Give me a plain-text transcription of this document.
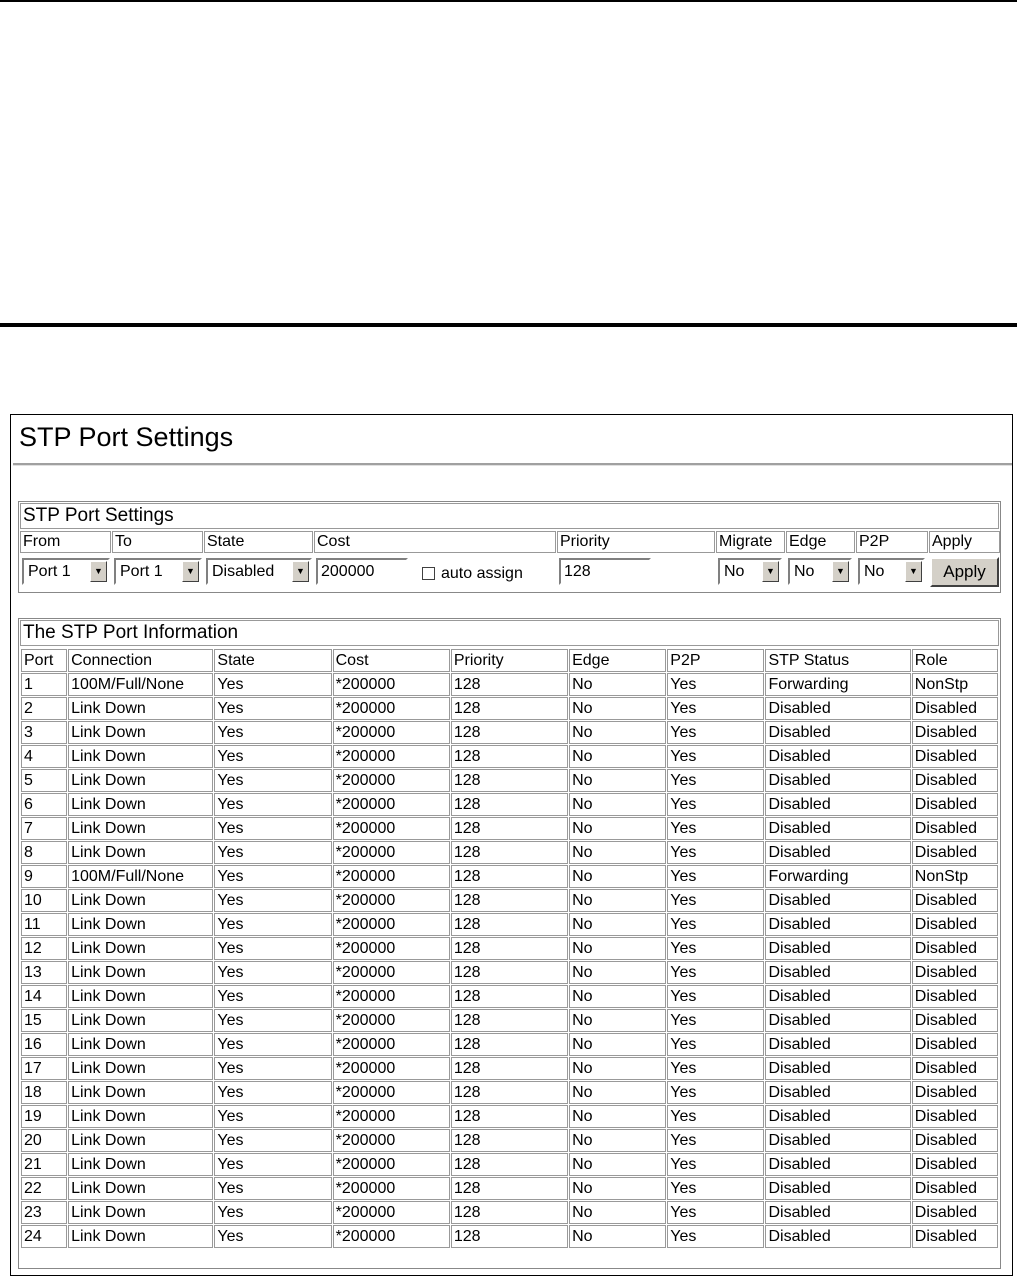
STP Port Settings
STP Port Settings
From	To	State	Cost	Priority	Migrate	Edge	P2P	Apply
Port 1	▼	Port 1	▼	Disabled	▼	200000	auto assign	128	No	▼	No	▼	No	▼	Apply
The STP Port Information
Port	Connection	State	Cost	Priority	Edge	P2P	STP Status	Role
1	100M/Full/None	Yes	*200000	128	No	Yes	Forwarding	NonStp
2	Link Down	Yes	*200000	128	No	Yes	Disabled	Disabled
3	Link Down	Yes	*200000	128	No	Yes	Disabled	Disabled
4	Link Down	Yes	*200000	128	No	Yes	Disabled	Disabled
5	Link Down	Yes	*200000	128	No	Yes	Disabled	Disabled
6	Link Down	Yes	*200000	128	No	Yes	Disabled	Disabled
7	Link Down	Yes	*200000	128	No	Yes	Disabled	Disabled
8	Link Down	Yes	*200000	128	No	Yes	Disabled	Disabled
9	100M/Full/None	Yes	*200000	128	No	Yes	Forwarding	NonStp
10	Link Down	Yes	*200000	128	No	Yes	Disabled	Disabled
11	Link Down	Yes	*200000	128	No	Yes	Disabled	Disabled
12	Link Down	Yes	*200000	128	No	Yes	Disabled	Disabled
13	Link Down	Yes	*200000	128	No	Yes	Disabled	Disabled
14	Link Down	Yes	*200000	128	No	Yes	Disabled	Disabled
15	Link Down	Yes	*200000	128	No	Yes	Disabled	Disabled
16	Link Down	Yes	*200000	128	No	Yes	Disabled	Disabled
17	Link Down	Yes	*200000	128	No	Yes	Disabled	Disabled
18	Link Down	Yes	*200000	128	No	Yes	Disabled	Disabled
19	Link Down	Yes	*200000	128	No	Yes	Disabled	Disabled
20	Link Down	Yes	*200000	128	No	Yes	Disabled	Disabled
21	Link Down	Yes	*200000	128	No	Yes	Disabled	Disabled
22	Link Down	Yes	*200000	128	No	Yes	Disabled	Disabled
23	Link Down	Yes	*200000	128	No	Yes	Disabled	Disabled
24	Link Down	Yes	*200000	128	No	Yes	Disabled	Disabled
